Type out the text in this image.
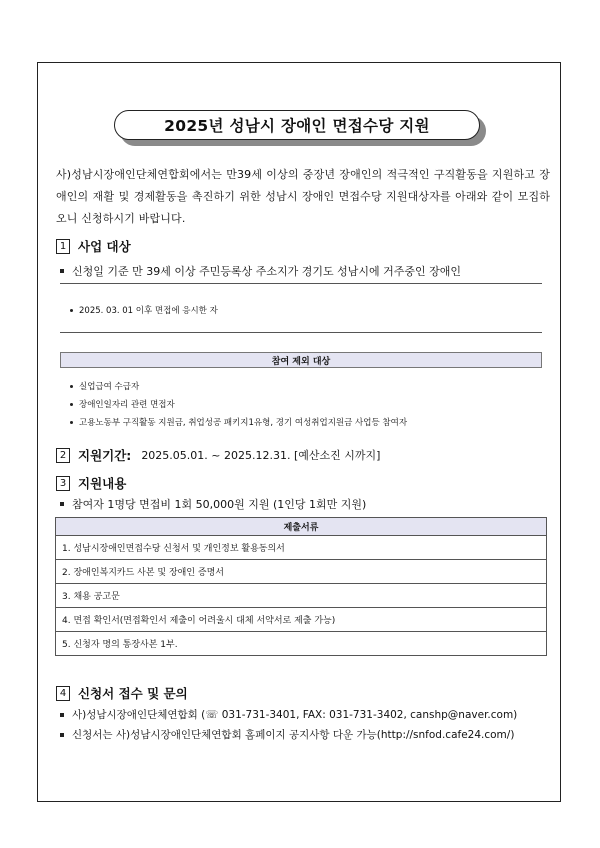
2025년 성남시 장애인 면접수당 지원
사)성남시장애인단체연합회에서는 만39세 이상의 중장년 장애인의 적극적인 구직활동을 지원하고 장애인의 재활 및 경제활동을 촉진하기 위한 성남시 장애인 면접수당 지원대상자를 아래와 같이 모집하오니 신청하시기 바랍니다.
1 사업 대상
신청일 기준 만 39세 이상 주민등록상 주소지가 경기도 성남시에 거주중인 장애인
2025. 03. 01 이후 면접에 응시한 자
참여 제외 대상
실업급여 수급자
장애인일자리 관련 면접자
고용노동부 구직활동 지원금, 취업성공 패키지1유형, 경기 여성취업지원금 사업등 참여자
2 지원기간: 2025.05.01. ~ 2025.12.31. [예산소진 시까지]
3 지원내용
참여자 1명당 면접비 1회 50,000원 지원 (1인당 1회만 지원)
제출서류
1. 성남시장애인면접수당 신청서 및 개인정보 활용동의서
2. 장애인복지카드 사본 및 장애인 증명서
3. 채용 공고문
4. 면접 확인서(면접확인서 제출이 어려울시 대체 서약서로 제출 가능)
5. 신청자 명의 통장사본 1부.
4 신청서 접수 및 문의
사)성남시장애인단체연합회 (☏ 031-731-3401, FAX: 031-731-3402, canshp@naver.com)
신청서는 사)성남시장애인단체연합회 홈페이지 공지사항 다운 가능(http://snfod.cafe24.com/)
